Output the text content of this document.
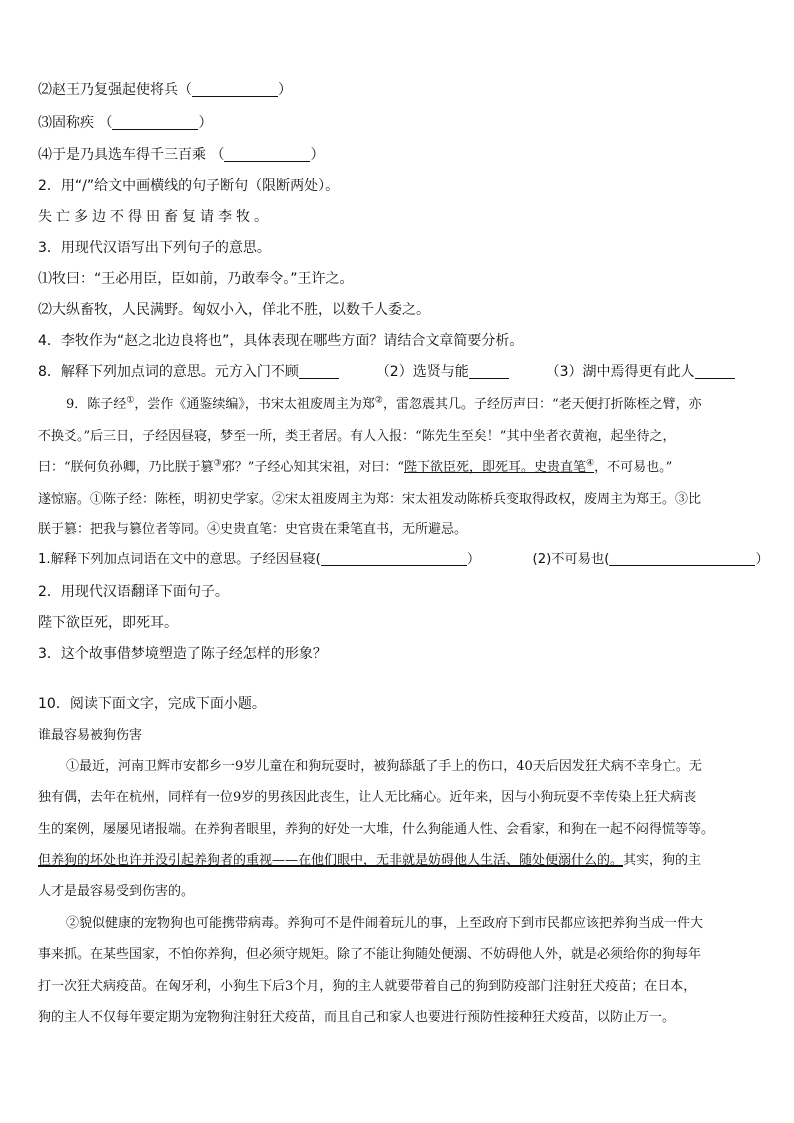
⑵赵王乃复强起使将兵（	）
⑶固称疾 （	）
⑷于是乃具选车得千三百乘 （	）
2．用“/”给文中画横线的句子断句（限断两处）。
失亡多边不得田畜复请李牧。
3．用现代汉语写出下列句子的意思。
⑴牧曰：“王必用臣，臣如前，乃敢奉令。”王许之。
⑵大纵畜牧，人民满野。匈奴小入，佯北不胜，以数千人委之。
4．李牧作为“赵之北边良将也”，具体表现在哪些方面？请结合文章简要分析。
8．解释下列加点词的意思。元方入门不顾	（2）选贤与能	（3）湖中焉得更有此人
9．陈子经①，尝作《通鉴续编》，书宋太祖废周主为郑②，雷忽震其几。子经厉声曰：“老天便打折陈桎之臂，亦
不换爻。”后三日，子经因昼寝，梦至一所，类王者居。有人入报：“陈先生至矣！”其中坐者衣黄袍，起坐待之，
曰：“朕何负孙卿，乃比朕于篡③邪？”子经心知其宋祖，对曰：“陛下欲臣死，即死耳。史贵直笔④，不可易也。”
遂惊寤。①陈子经：陈桎，明初史学家。②宋太祖废周主为郑：宋太祖发动陈桥兵变取得政权，废周主为郑王。③比
朕于篡：把我与篡位者等同。④史贵直笔：史官贵在秉笔直书，无所避忌。
1.解释下列加点词语在文中的意思。子经因昼寝(	）	(2)不可易也(	）
2．用现代汉语翻译下面句子。
陛下欲臣死，即死耳。
3．这个故事借梦境塑造了陈子经怎样的形象？
10．阅读下面文字，完成下面小题。
谁最容易被狗伤害
①最近，河南卫辉市安都乡一9岁儿童在和狗玩耍时，被狗舔舐了手上的伤口，40天后因发狂犬病不幸身亡。无
独有偶，去年在杭州，同样有一位9岁的男孩因此丧生，让人无比痛心。近年来，因与小狗玩耍不幸传染上狂犬病丧
生的案例，屡屡见诸报端。在养狗者眼里，养狗的好处一大堆，什么狗能通人性、会看家，和狗在一起不闷得慌等等。
但养狗的坏处也许并没引起养狗者的重视——在他们眼中，无非就是妨碍他人生活、随处便溺什么的。其实，狗的主
人才是最容易受到伤害的。
②貌似健康的宠物狗也可能携带病毒。养狗可不是件闹着玩儿的事，上至政府下到市民都应该把养狗当成一件大
事来抓。在某些国家，不怕你养狗，但必须守规矩。除了不能让狗随处便溺、不妨碍他人外，就是必须给你的狗每年
打一次狂犬病疫苗。在匈牙利，小狗生下后3个月，狗的主人就要带着自己的狗到防疫部门注射狂犬疫苗；在日本，
狗的主人不仅每年要定期为宠物狗注射狂犬疫苗，而且自己和家人也要进行预防性接种狂犬疫苗，以防止万一。
